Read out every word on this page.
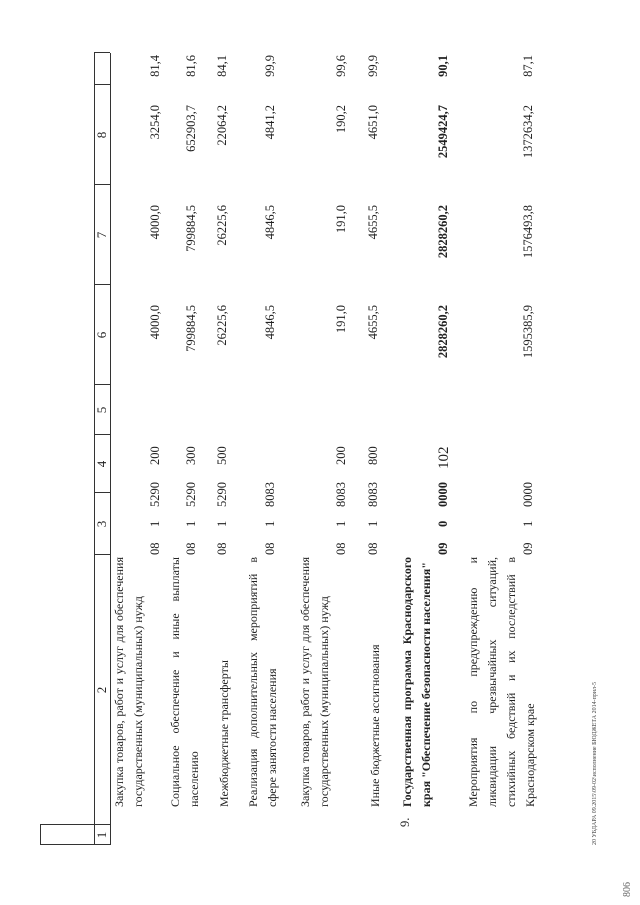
102
20 УБДАРА 09.2015\09-02\исполнение БЮДЖЕТА 2014-прил-5
806
1
2
3
4
5
6
7
8
Закупка товаров, работ и услуг для обеспечения государственных (муниципальных) нужд
08
1
5290
200
4000,0
4000,0
3254,0
81,4
Социальное обеспечение и иные выплаты населению
08
1
5290
300
799884,5
799884,5
652903,7
81,6
Межбюджетные трансферты
08
1
5290
500
26225,6
26225,6
22064,2
84,1
Реализация дополнительных мероприятий в сфере занятости населения
08
1
8083
4846,5
4846,5
4841,2
99,9
Закупка товаров, работ и услуг для обеспечения государственных (муниципальных) нужд
08
1
8083
200
191,0
191,0
190,2
99,6
Иные бюджетные ассигнования
08
1
8083
800
4655,5
4655,5
4651,0
99,9
9.
Государственная программа Краснодарского края "Обеспечение безопасности населения"
09
0
0000
2828260,2
2828260,2
2549424,7
90,1
Мероприятия по предупреждению и ликвидации чрезвычайных ситуаций, стихийных бедствий и их последствий в Краснодарском крае
09
1
0000
1595385,9
1576493,8
1372634,2
87,1
